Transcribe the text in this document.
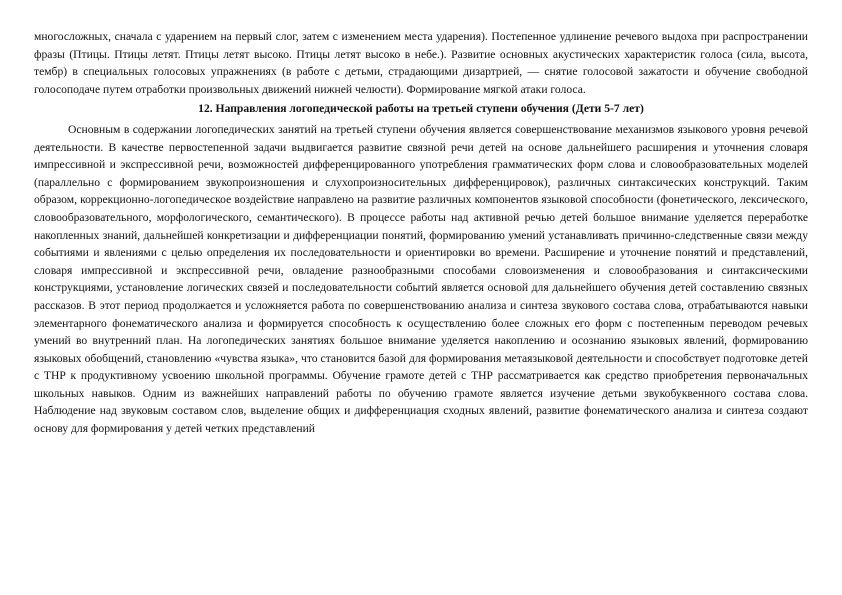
многосложных, сначала с ударением на первый слог, затем с изменением места ударения). Постепенное удлинение речевого выдоха при распространении фразы (Птицы. Птицы летят. Птицы летят высоко. Птицы летят высоко в небе.). Развитие основных акустических характеристик голоса (сила, высота, тембр) в специальных голосовых упражнениях (в работе с детьми, страдающими дизартрией, — снятие голосовой зажатости и обучение свободной голосоподаче путем отработки произвольных движений нижней челюсти). Формирование мягкой атаки голоса.

12. Направления логопедической работы на третьей ступени обучения (Дети 5-7 лет)

Основным в содержании логопедических занятий на третьей ступени обучения является совершенствование механизмов языкового уровня речевой деятельности. В качестве первостепенной задачи выдвигается развитие связной речи детей на основе дальнейшего расширения и уточнения словаря импрессивной и экспрессивной речи, возможностей дифференцированного употребления грамматических форм слова и словообразовательных моделей (параллельно с формированием звукопроизношения и слухопроизносительных дифференцировок), различных синтаксических конструкций. Таким образом, коррекционно-логопедическое воздействие направлено на развитие различных компонентов языковой способности (фонетического, лексического, словообразовательного, морфологического, семантического). В процессе работы над активной речью детей большое внимание уделяется переработке накопленных знаний, дальнейшей конкретизации и дифференциации понятий, формированию умений устанавливать причинно-следственные связи между событиями и явлениями с целью определения их последовательности и ориентировки во времени. Расширение и уточнение понятий и представлений, словаря импрессивной и экспрессивной речи, овладение разнообразными способами словоизменения и словообразования и синтаксическими конструкциями, установление логических связей и последовательности событий является основой для дальнейшего обучения детей составлению связных рассказов. В этот период продолжается и усложняется работа по совершенствованию анализа и синтеза звукового состава слова, отрабатываются навыки элементарного фонематического анализа и формируется способность к осуществлению более сложных его форм с постепенным переводом речевых умений во внутренний план. На логопедических занятиях большое внимание уделяется накоплению и осознанию языковых явлений, формированию языковых обобщений, становлению «чувства языка», что становится базой для формирования метаязыковой деятельности и способствует подготовке детей с ТНР к продуктивному усвоению школьной программы. Обучение грамоте детей с ТНР рассматривается как средство приобретения первоначальных школьных навыков. Одним из важнейших направлений работы по обучению грамоте является изучение детьми звукобуквенного состава слова. Наблюдение над звуковым составом слов, выделение общих и дифференциация сходных явлений, развитие фонематического анализа и синтеза создают основу для формирования у детей четких представлений
